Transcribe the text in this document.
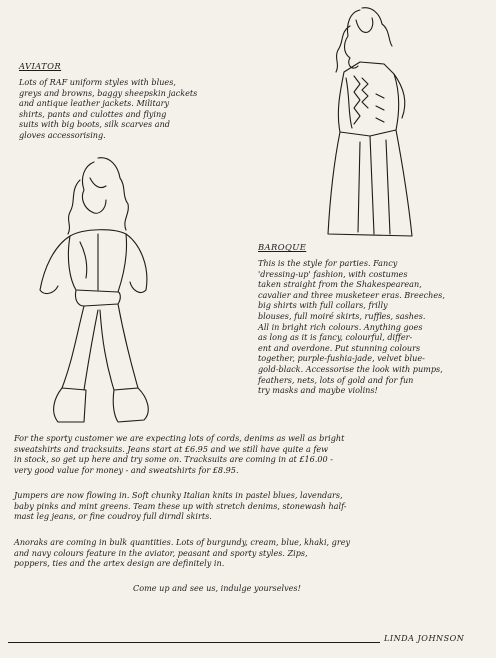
AVIATOR
Lots of RAF uniform styles with blues,
greys and browns, baggy sheepskin jackets
and antique leather jackets. Military
shirts, pants and culottes and flying
suits with big boots, silk scarves and
gloves accessorising.
BAROQUE
This is the style for parties. Fancy
'dressing-up' fashion, with costumes
taken straight from the Shakespearean,
cavalier and three musketeer eras. Breeches,
big shirts with full collars, frilly
blouses, full moiré skirts, ruffles, sashes.
All in bright rich colours. Anything goes
as long as it is fancy, colourful, differ-
ent and overdone. Put stunning colours
together, purple-fushia-jade, velvet blue-
gold-black. Accessorise the look with pumps,
feathers, nets, lots of gold and for fun
try masks and maybe violins!
For the sporty customer we are expecting lots of cords, denims as well as bright
sweatshirts and tracksuits. Jeans start at £6.95 and we still have quite a few
in stock, so get up here and try some on. Tracksuits are coming in at £16.00 -
very good value for money - and sweatshirts for £8.95.
Jumpers are now flowing in. Soft chunky Italian knits in pastel blues, lavendars,
baby pinks and mint greens. Team these up with stretch denims, stonewash half-
mast leg jeans, or fine coudroy full dirndl skirts.
Anoraks are coming in bulk quantities. Lots of burgundy, cream, blue, khaki, grey
and navy colours feature in the aviator, peasant and sporty styles. Zips,
poppers, ties and the artex design are definitely in.
Come up and see us, indulge yourselves!
LINDA JOHNSON
